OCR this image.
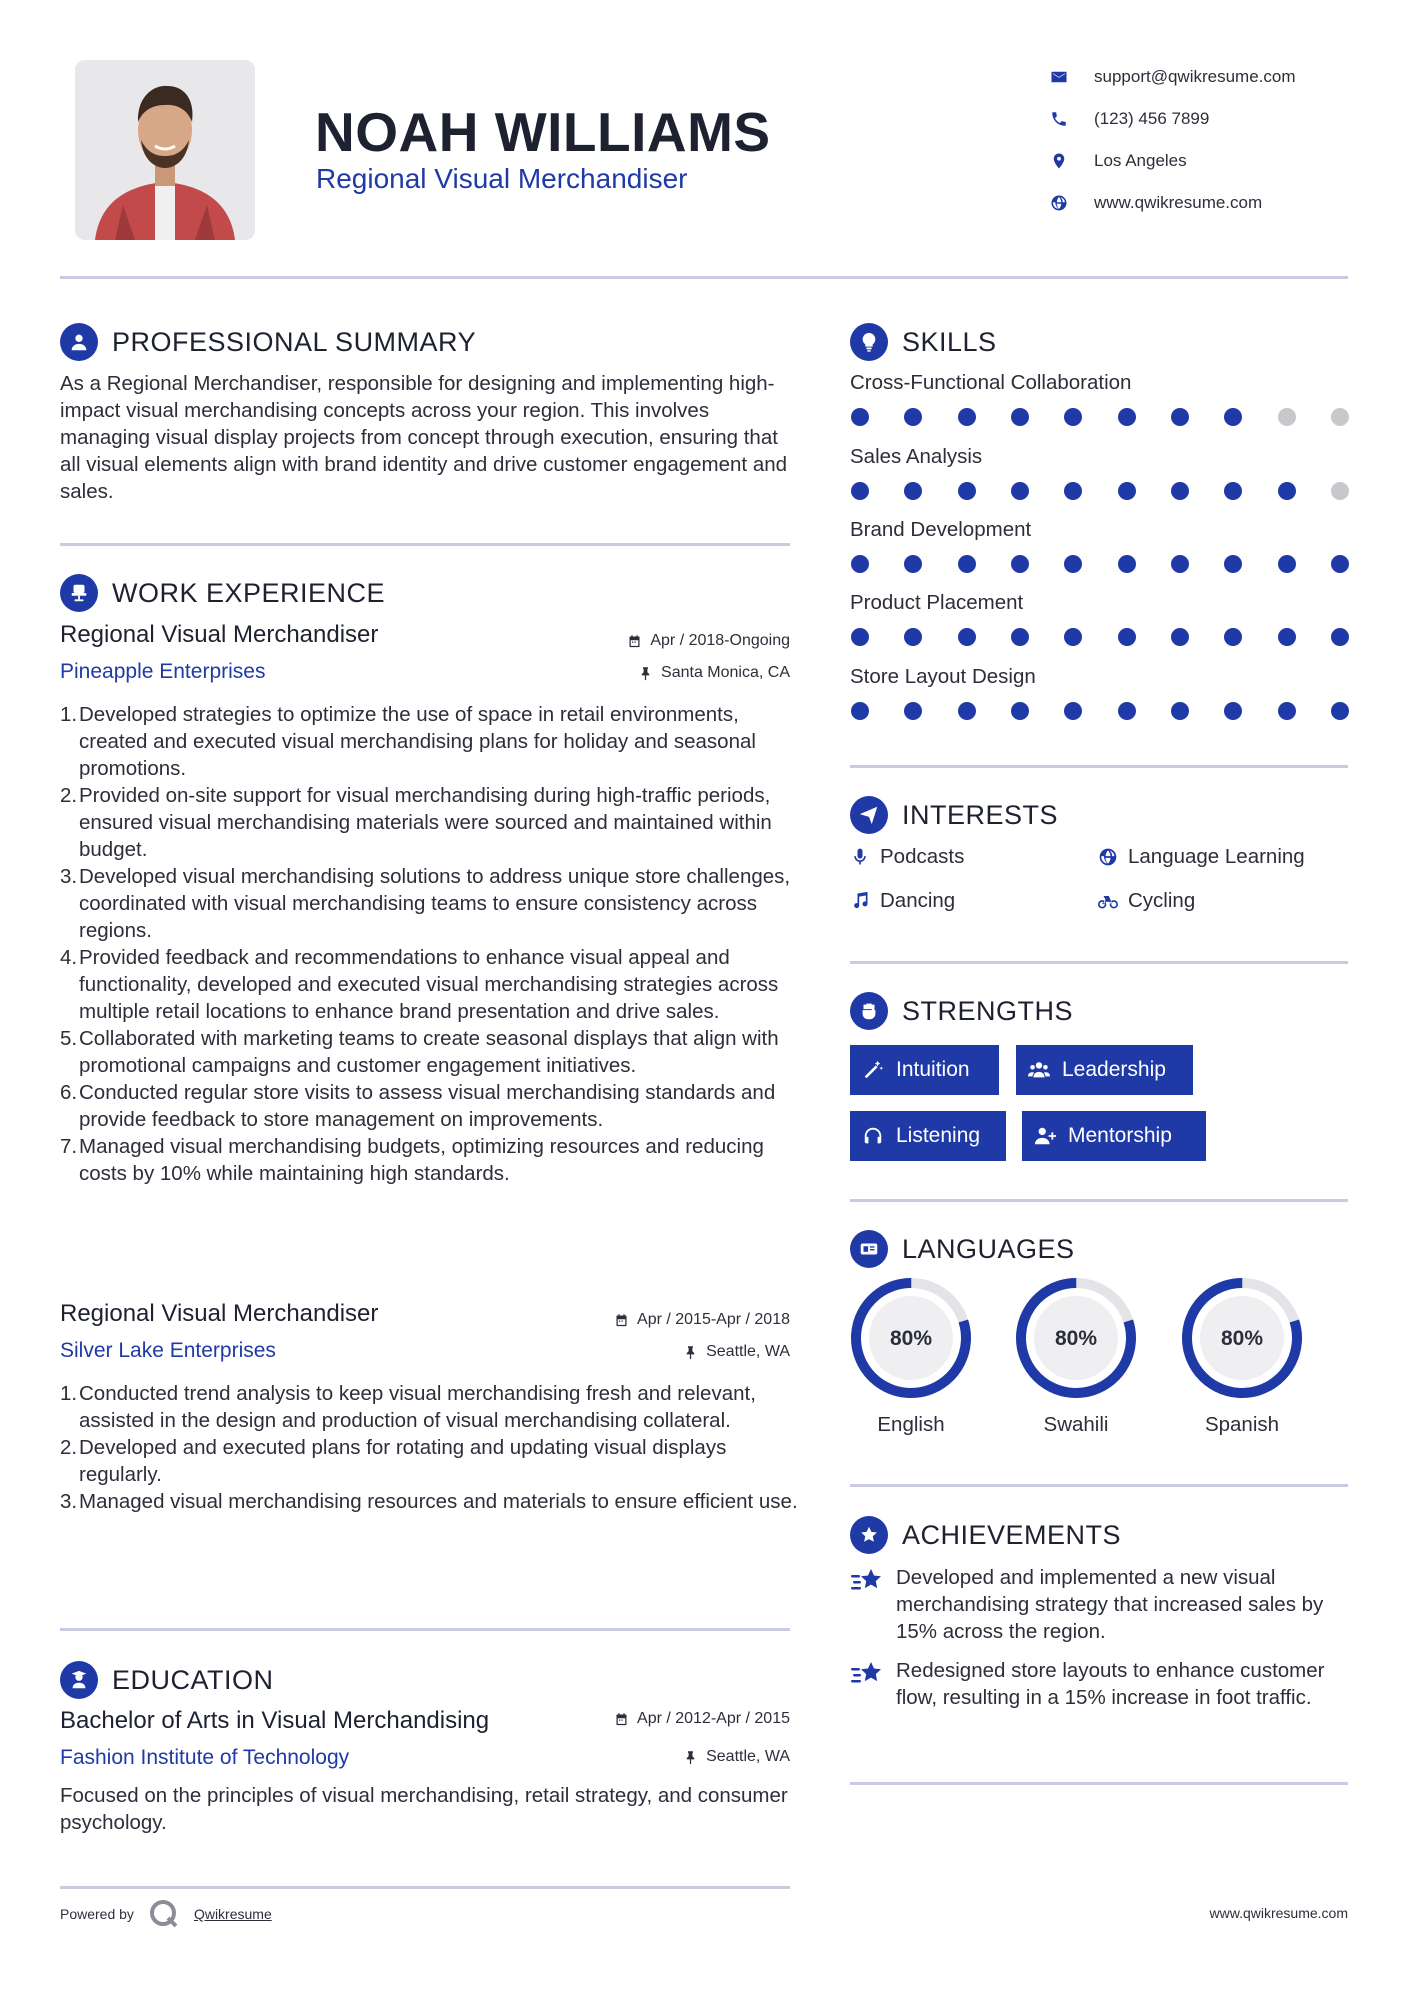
NOAH WILLIAMS
Regional Visual Merchandiser
support@qwikresume.com
(123) 456 7899
Los Angeles
www.qwikresume.com
PROFESSIONAL SUMMARY
As a Regional Merchandiser, responsible for designing and implementing high-impact visual merchandising concepts across your region. This involves managing visual display projects from concept through execution, ensuring that all visual elements align with brand identity and drive customer engagement and sales.
WORK EXPERIENCE
Regional Visual Merchandiser
Pineapple Enterprises
Apr / 2018-Ongoing
Santa Monica, CA
1. Developed strategies to optimize the use of space in retail environments, created and executed visual merchandising plans for holiday and seasonal promotions.
2. Provided on-site support for visual merchandising during high-traffic periods, ensured visual merchandising materials were sourced and maintained within budget.
3. Developed visual merchandising solutions to address unique store challenges, coordinated with visual merchandising teams to ensure consistency across regions.
4. Provided feedback and recommendations to enhance visual appeal and functionality, developed and executed visual merchandising strategies across multiple retail locations to enhance brand presentation and drive sales.
5. Collaborated with marketing teams to create seasonal displays that align with promotional campaigns and customer engagement initiatives.
6. Conducted regular store visits to assess visual merchandising standards and provide feedback to store management on improvements.
7. Managed visual merchandising budgets, optimizing resources and reducing costs by 10% while maintaining high standards.
Regional Visual Merchandiser
Silver Lake Enterprises
Apr / 2015-Apr / 2018
Seattle, WA
1. Conducted trend analysis to keep visual merchandising fresh and relevant, assisted in the design and production of visual merchandising collateral.
2. Developed and executed plans for rotating and updating visual displays regularly.
3. Managed visual merchandising resources and materials to ensure efficient use.
EDUCATION
Bachelor of Arts in Visual Merchandising
Fashion Institute of Technology
Apr / 2012-Apr / 2015
Seattle, WA
Focused on the principles of visual merchandising, retail strategy, and consumer psychology.
SKILLS
Cross-Functional Collaboration
Sales Analysis
Brand Development
Product Placement
Store Layout Design
INTERESTS
Podcasts	Language Learning
Dancing	Cycling
STRENGTHS
Intuition	Leadership
Listening	Mentorship
LANGUAGES
80%
English
80%
Swahili
80%
Spanish
ACHIEVEMENTS
Developed and implemented a new visual merchandising strategy that increased sales by 15% across the region.
Redesigned store layouts to enhance customer flow, resulting in a 15% increase in foot traffic.
Powered by	Qwikresume	www.qwikresume.com
